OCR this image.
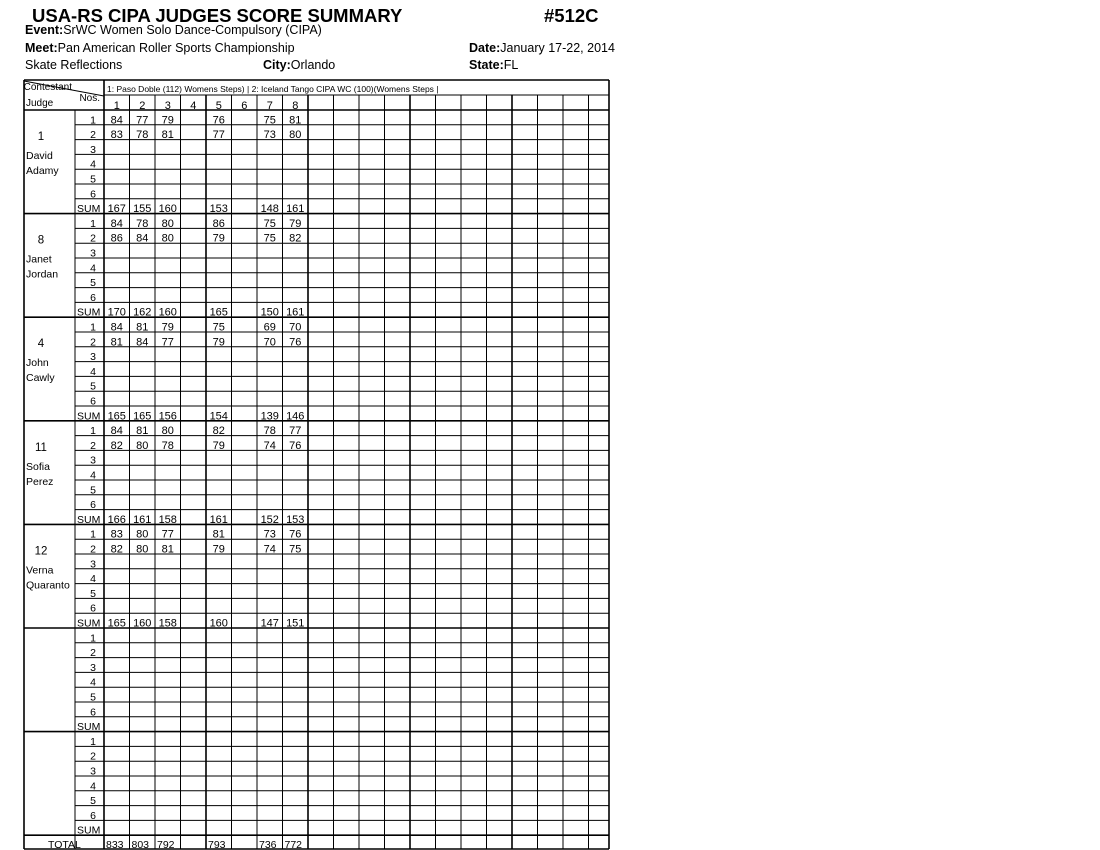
USA-RS CIPA JUDGES SCORE SUMMARY	#512C
Event:SrWC Women Solo Dance-Compulsory (CIPA)
Meet:Pan American Roller Sports Championship	Date:January 17-22, 2014
Skate Reflections	City:Orlando	State:FL
Contestant
Nos.
Judge
1: Paso Doble (112) Womens Steps) | 2: Iceland Tango CIPA WC (100)(Womens Steps |
1 2 3 4 5 6 7 8
1
David
Adamy
1 84 77 79	76	75 81
2 83 78 81	77	73 80
3
4
5
6
SUM 167 155 160	153	148 161
8
Janet
Jordan
1 84 78 80	86	75 79
2 86 84 80	79	75 82
3
4
5
6
SUM 170 162 160	165	150 161
4
John
Cawly
1 84 81 79	75	69 70
2 81 84 77	79	70 76
3
4
5
6
SUM 165 165 156	154	139 146
11
Sofia
Perez
1 84 81 80	82	78 77
2 82 80 78	79	74 76
3
4
5
6
SUM 166 161 158	161	152 153
12
Verna
Quaranto
1 83 80 77	81	73 76
2 82 80 81	79	74 75
3
4
5
6
SUM 165 160 158	160	147 151
1
2
3
4
5
6
SUM
1
2
3
4
5
6
SUM
TOTAL 833 803 792	793	736 772
